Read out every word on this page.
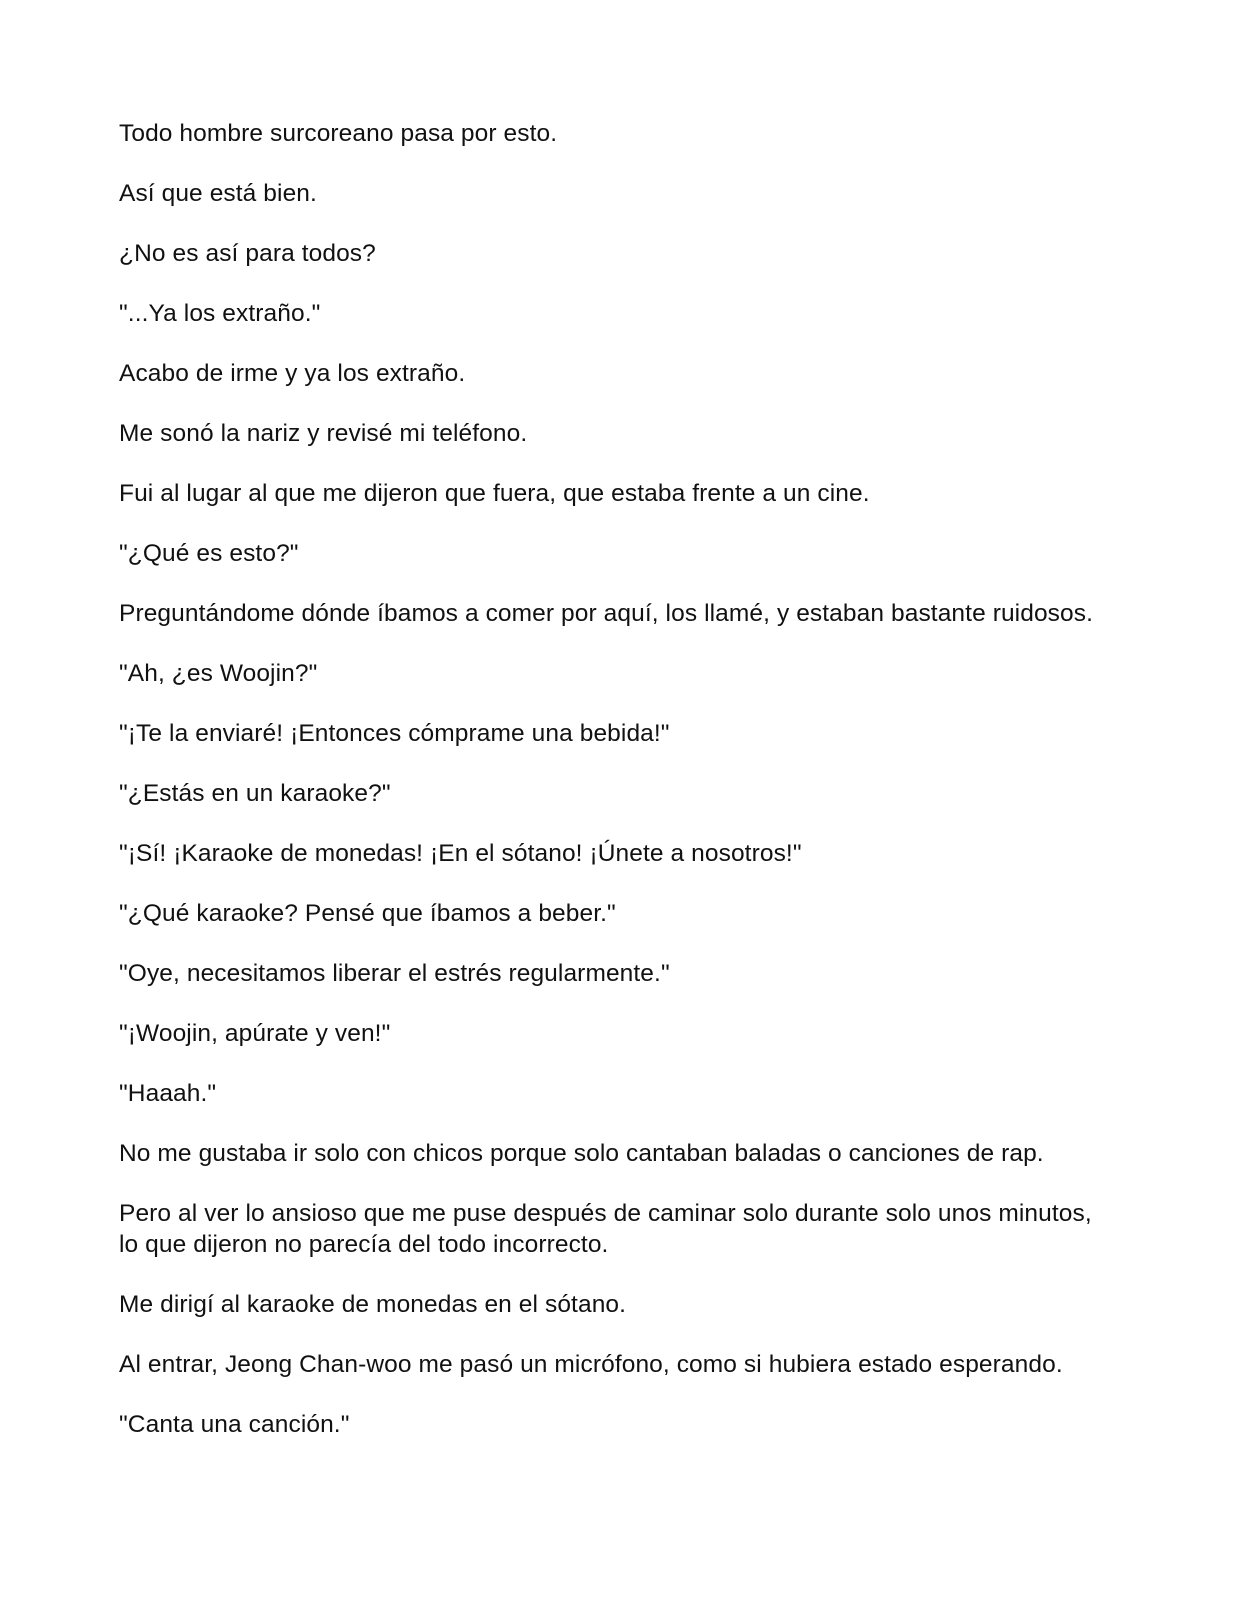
Todo hombre surcoreano pasa por esto.

Así que está bien.

¿No es así para todos?

"...Ya los extraño."

Acabo de irme y ya los extraño.

Me sonó la nariz y revisé mi teléfono.

Fui al lugar al que me dijeron que fuera, que estaba frente a un cine.

"¿Qué es esto?"

Preguntándome dónde íbamos a comer por aquí, los llamé, y estaban bastante ruidosos.

"Ah, ¿es Woojin?"

"¡Te la enviaré! ¡Entonces cómprame una bebida!"

"¿Estás en un karaoke?"

"¡Sí! ¡Karaoke de monedas! ¡En el sótano! ¡Únete a nosotros!"

"¿Qué karaoke? Pensé que íbamos a beber."

"Oye, necesitamos liberar el estrés regularmente."

"¡Woojin, apúrate y ven!"

"Haaah."

No me gustaba ir solo con chicos porque solo cantaban baladas o canciones de rap.

Pero al ver lo ansioso que me puse después de caminar solo durante solo unos minutos, lo que dijeron no parecía del todo incorrecto.

Me dirigí al karaoke de monedas en el sótano.

Al entrar, Jeong Chan-woo me pasó un micrófono, como si hubiera estado esperando.

"Canta una canción."
